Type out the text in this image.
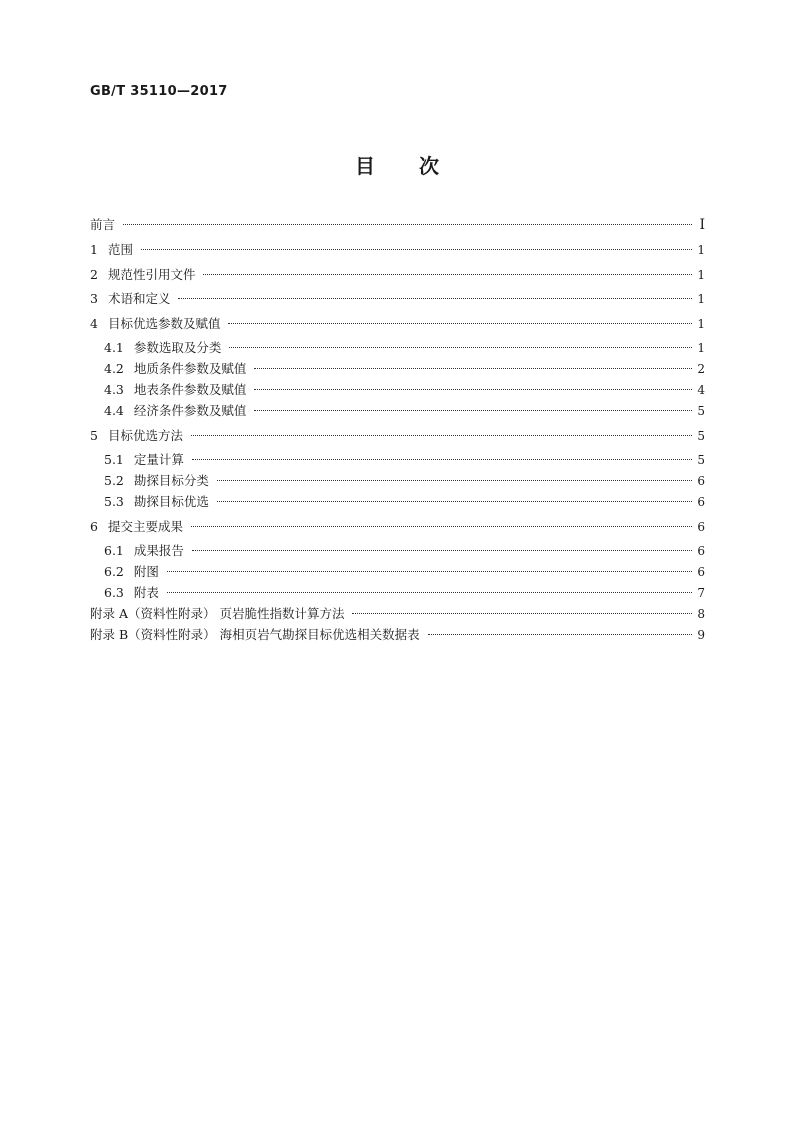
GB/T 35110—2017
目次
前言	I
1 范围	1
2 规范性引用文件	1
3 术语和定义	1
4 目标优选参数及赋值	1
4.1 参数选取及分类	1
4.2 地质条件参数及赋值	2
4.3 地表条件参数及赋值	4
4.4 经济条件参数及赋值	5
5 目标优选方法	5
5.1 定量计算	5
5.2 勘探目标分类	6
5.3 勘探目标优选	6
6 提交主要成果	6
6.1 成果报告	6
6.2 附图	6
6.3 附表	7
附录 A（资料性附录） 页岩脆性指数计算方法	8
附录 B（资料性附录） 海相页岩气勘探目标优选相关数据表	9
